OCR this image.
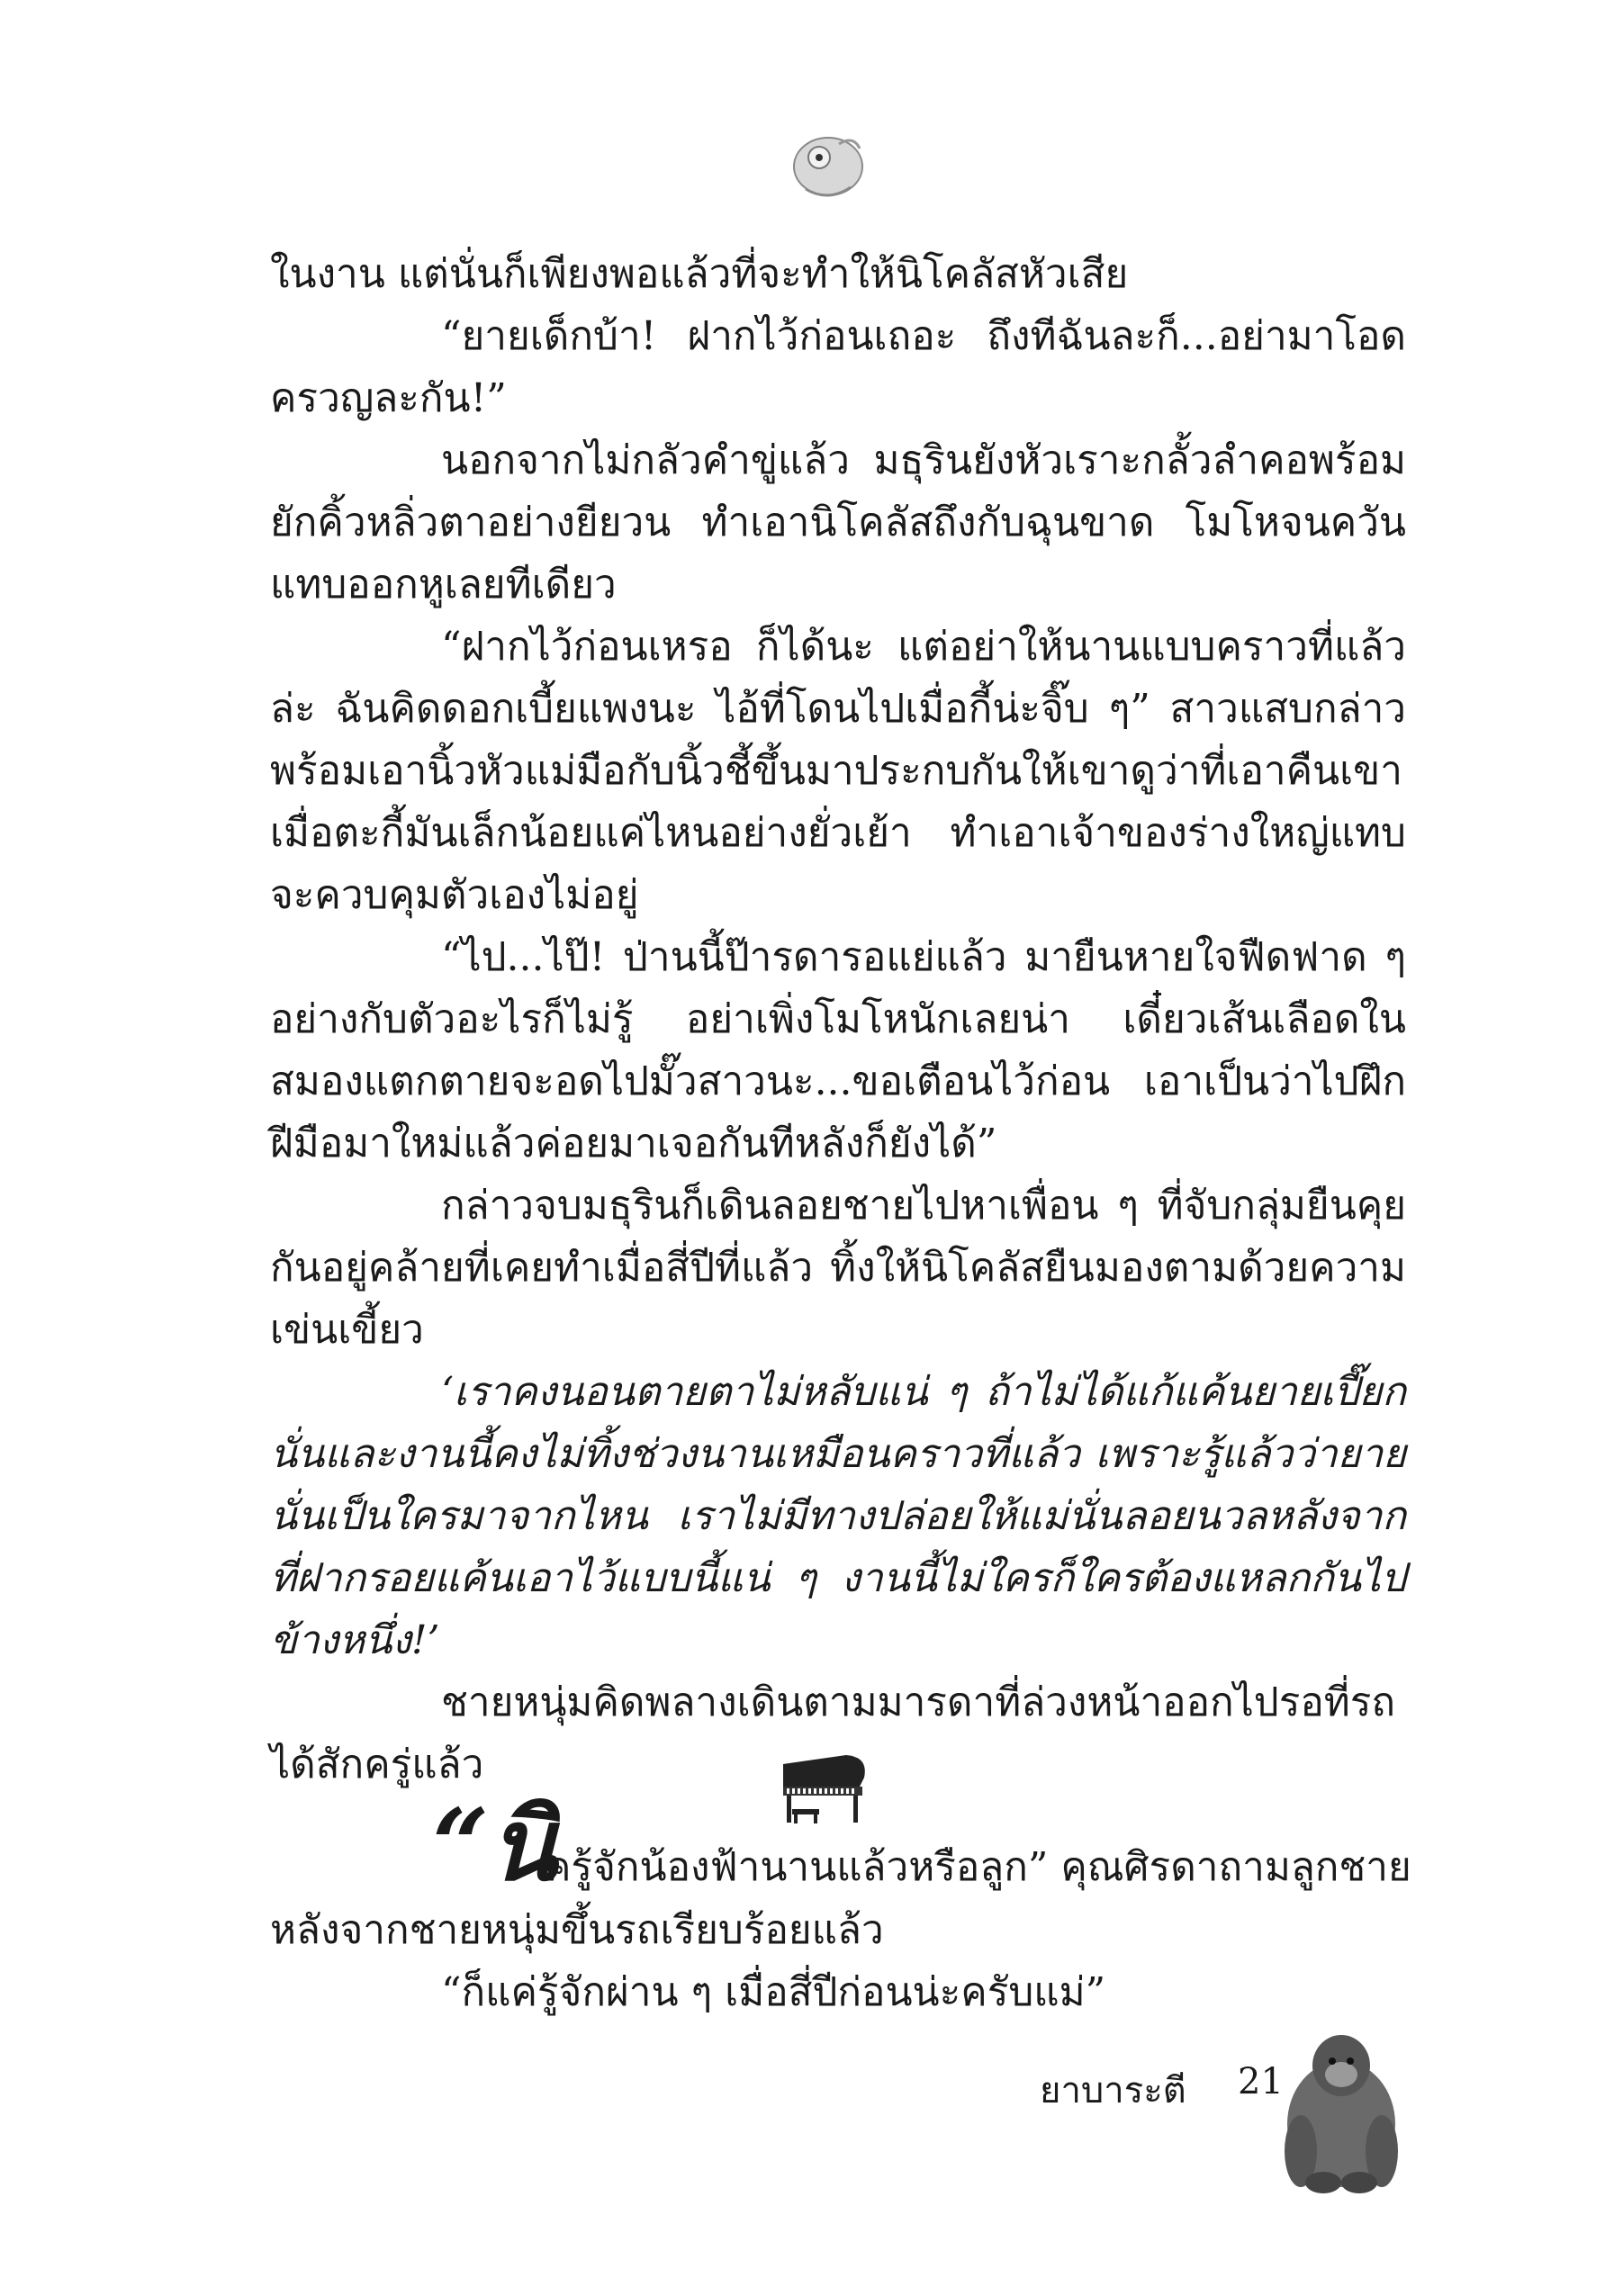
ในงาน แต่นั่นก็เพียงพอแล้วที่จะทำให้นิโคลัสหัวเสีย

“ยายเด็กบ้า! ฝากไว้ก่อนเถอะ ถึงทีฉันละก็...อย่ามาโอดครวญละกัน!”

นอกจากไม่กลัวคำขู่แล้ว มธุรินยังหัวเราะกลั้วลำคอพร้อมยักคิ้วหลิ่วตาอย่างยียวน ทำเอานิโคลัสถึงกับฉุนขาด โมโหจนควันแทบออกหูเลยทีเดียว

“ฝากไว้ก่อนเหรอ ก็ได้นะ แต่อย่าให้นานแบบคราวที่แล้วล่ะ ฉันคิดดอกเบี้ยแพงนะ ไอ้ที่โดนไปเมื่อกี้น่ะจิ๊บ ๆ” สาวแสบกล่าวพร้อมเอานิ้วหัวแม่มือกับนิ้วชี้ขึ้นมาประกบกันให้เขาดูว่าที่เอาคืนเขาเมื่อตะกี้มันเล็กน้อยแค่ไหนอย่างยั่วเย้า ทำเอาเจ้าของร่างใหญ่แทบจะควบคุมตัวเองไม่อยู่

“ไป...ไป๊! ป่านนี้ป๊ารดารอแย่แล้ว มายืนหายใจฟืดฟาด ๆ อย่างกับตัวอะไรก็ไม่รู้ อย่าเพิ่งโมโหนักเลยน่า เดี๋ยวเส้นเลือดในสมองแตกตายจะอดไปมั๊วสาวนะ...ขอเตือนไว้ก่อน เอาเป็นว่าไปฝึกฝีมือมาใหม่แล้วค่อยมาเจอกันทีหลังก็ยังได้”

กล่าวจบมธุรินก็เดินลอยชายไปหาเพื่อน ๆ ที่จับกลุ่มยืนคุยกันอยู่คล้ายที่เคยทำเมื่อสี่ปีที่แล้ว ทิ้งให้นิโคลัสยืนมองตามด้วยความเข่นเขี้ยว

‘เราคงนอนตายตาไม่หลับแน่ ๆ ถ้าไม่ได้แก้แค้นยายเปี๊ยกนั่นและงานนี้คงไม่ทิ้งช่วงนานเหมือนคราวที่แล้ว เพราะรู้แล้วว่ายายนั่นเป็นใครมาจากไหน เราไม่มีทางปล่อยให้แม่นั่นลอยนวลหลังจากที่ฝากรอยแค้นเอาไว้แบบนี้แน่ ๆ งานนี้ไม่ใครก็ใครต้องแหลกกันไปข้างหนึ่ง!’

ชายหนุ่มคิดพลางเดินตามมารดาที่ล่วงหน้าออกไปรอที่รถได้สักครู่แล้ว

“นิ
ครู้จักน้องฟ้านานแล้วหรือลูก” คุณศิรดาถามลูกชาย

หลังจากชายหนุ่มขึ้นรถเรียบร้อยแล้ว

“ก็แค่รู้จักผ่าน ๆ เมื่อสี่ปีก่อนน่ะครับแม่”

ยาบาระตี 21
